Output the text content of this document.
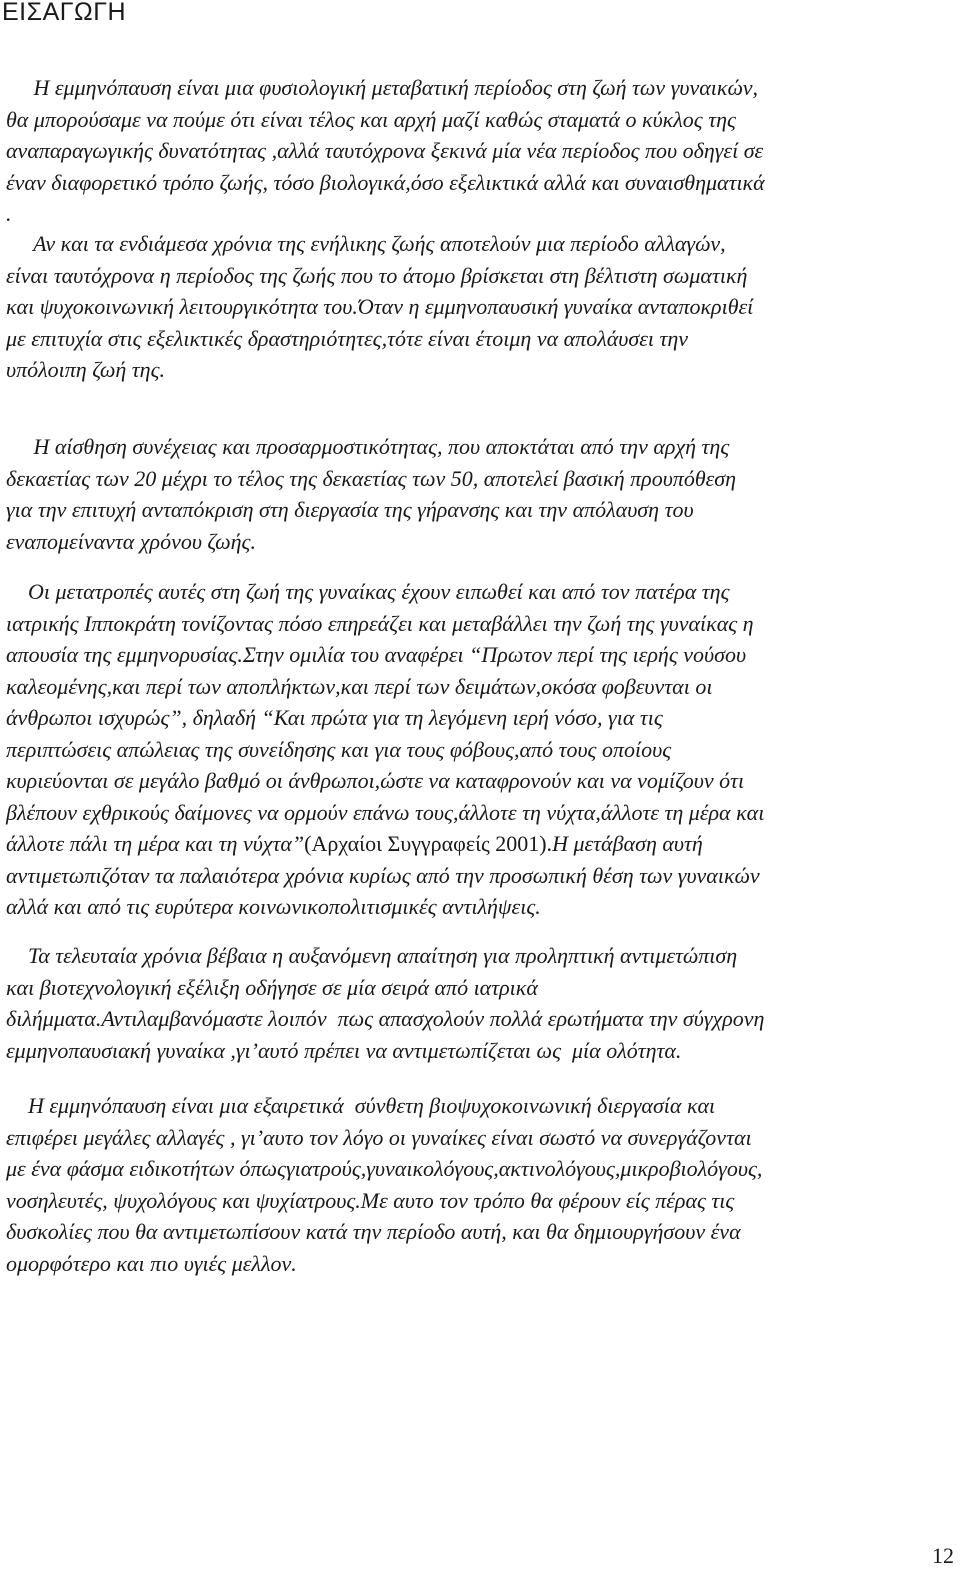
ΕΙΣΑΓΩΓΗ

Η εμμηνόπαυση είναι μια φυσιολογική μεταβατική περίοδος στη ζωή των γυναικών,
θα μπορούσαμε να πούμε ότι είναι τέλος και αρχή μαζί καθώς σταματά ο κύκλος της
αναπαραγωγικής δυνατότητας ,αλλά ταυτόχρονα ξεκινά μία νέα περίοδος που οδηγεί σε
έναν διαφορετικό τρόπο ζωής, τόσο βιολογικά,όσο εξελικτικά αλλά και συναισθηματικά
.

Αν και τα ενδιάμεσα χρόνια της ενήλικης ζωής αποτελούν μια περίοδο αλλαγών,
είναι ταυτόχρονα η περίοδος της ζωής που το άτομο βρίσκεται στη βέλτιστη σωματική
και ψυχοκοινωνική λειτουργικότητα του.Όταν η εμμηνοπαυσική γυναίκα ανταποκριθεί
με επιτυχία στις εξελικτικές δραστηριότητες,τότε είναι έτοιμη να απολάυσει την
υπόλοιπη ζωή της.

Η αίσθηση συνέχειας και προσαρμοστικότητας, που αποκτάται από την αρχή της
δεκαετίας των 20 μέχρι το τέλος της δεκαετίας των 50, αποτελεί βασική προυπόθεση
για την επιτυχή ανταπόκριση στη διεργασία της γήρανσης και την απόλαυση του
εναπομείναντα χρόνου ζωής.

Οι μετατροπές αυτές στη ζωή της γυναίκας έχουν ειπωθεί και από τον πατέρα της
ιατρικής Ιπποκράτη τονίζοντας πόσο επηρεάζει και μεταβάλλει την ζωή της γυναίκας η
απουσία της εμμηνορυσίας.Στην ομιλία του αναφέρει “Πρωτον περί της ιερής νούσου
καλεομένης,και περί των αποπλήκτων,και περί των δειμάτων,οκόσα φοβευνται οι
άνθρωποι ισχυρώς”, δηλαδή “Και πρώτα για τη λεγόμενη ιερή νόσο, για τις
περιπτώσεις απώλειας της συνείδησης και για τους φόβους,από τους οποίους
κυριεύονται σε μεγάλο βαθμό οι άνθρωποι,ώστε να καταφρονούν και να νομίζουν ότι
βλέπουν εχθρικούς δαίμονες να ορμούν επάνω τους,άλλοτε τη νύχτα,άλλοτε τη μέρα και
άλλοτε πάλι τη μέρα και τη νύχτα”(Αρχαίοι Συγγραφείς 2001).Η μετάβαση αυτή
αντιμετωπιζόταν τα παλαιότερα χρόνια κυρίως από την προσωπική θέση των γυναικών
αλλά και από τις ευρύτερα κοινωνικοπολιτισμικές αντιλήψεις.

Τα τελευταία χρόνια βέβαια η αυξανόμενη απαίτηση για προληπτική αντιμετώπιση
και βιοτεχνολογική εξέλιξη οδήγησε σε μία σειρά από ιατρικά
διλήμματα.Αντιλαμβανόμαστε λοιπόν  πως απασχολούν πολλά ερωτήματα την σύγχρονη
εμμηνοπαυσιακή γυναίκα ,γι’αυτό πρέπει να αντιμετωπίζεται ως  μία ολότητα.

Η εμμηνόπαυση είναι μια εξαιρετικά  σύνθετη βιοψυχοκοινωνική διεργασία και
επιφέρει μεγάλες αλλαγές , γι’αυτο τον λόγο οι γυναίκες είναι σωστό να συνεργάζονται
με ένα φάσμα ειδικοτήτων όπωςγιατρούς,γυναικολόγους,ακτινολόγους,μικροβιολόγους,
νοσηλευτές, ψυχολόγους και ψυχίατρους.Με αυτο τον τρόπο θα φέρουν είς πέρας τις
δυσκολίες που θα αντιμετωπίσουν κατά την περίοδο αυτή, και θα δημιουργήσουν ένα
ομορφότερο και πιο υγιές μελλον.

12
